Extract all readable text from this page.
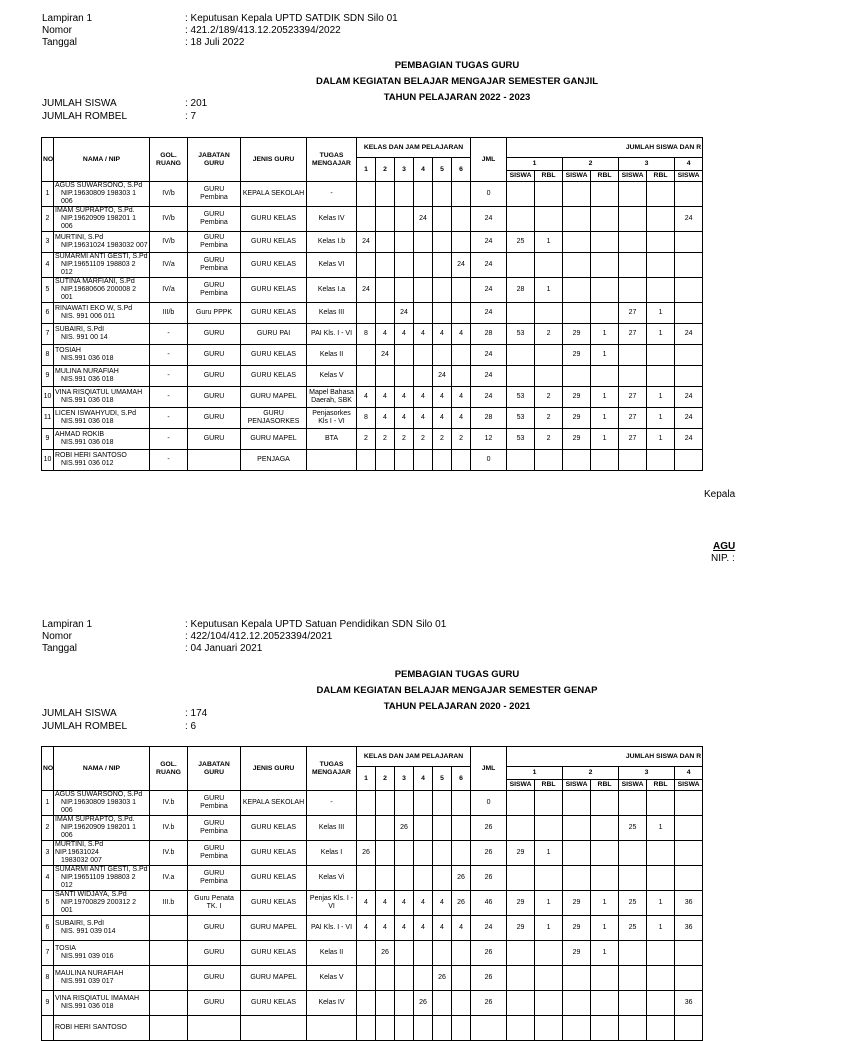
Lampiran 1	: Keputusan Kepala UPTD SATDIK SDN Silo 01
Nomor	: 421.2/189/413.12.20523394/2022
Tanggal	: 18 Juli 2022
PEMBAGIAN TUGAS GURU
DALAM KEGIATAN BELAJAR MENGAJAR SEMESTER GANJIL
TAHUN PELAJARAN 2022 - 2023
JUMLAH SISWA	: 201
JUMLAH ROMBEL	: 7
NO	NAMA / NIP	GOL. RUANG	JABATAN GURU	JENIS GURU	TUGAS MENGAJAR	KELAS DAN JAM PELAJARAN						JML	JUMLAH SISWA DAN R						
						1	2	3	4	5	6		1		2		3		4
													SISWA	RBL	SISWA	RBL	SISWA	RBL	SISWA
1	AGUS SUWARSONO, S.Pd
NIP.19630809 198303 1 006	IV/b	GURU Pembina	KEPALA SEKOLAH	-							0							
2	IMAM SUPRAPTO, S.Pd.
NIP.19620909 198201 1 006	IV/b	GURU Pembina	GURU KELAS	Kelas IV				24			24							24
3	MURTINI, S.Pd
NIP.19631024 1983032 007	IV/b	GURU Pembina	GURU KELAS	Kelas I.b	24						24	25	1					
4	SUMARMI ANTI GESTI, S.Pd
NIP.19651109 198803 2 012	IV/a	GURU Pembina	GURU KELAS	Kelas VI						24	24							
5	SUTINA MARFIANI, S.Pd
NIP.19680606 200008 2 001	IV/a	GURU Pembina	GURU KELAS	Kelas I.a	24						24	28	1					
6	RINAWATI EKO W, S.Pd
NIS. 991 006 011	III/b	Guru PPPK	GURU KELAS	Kelas III			24				24					27	1	
7	SUBAIRI, S.PdI
NIS. 991 00 14	-	GURU	GURU PAI	PAI Kls. I - VI	8	4	4	4	4	4	28	53	2	29	1	27	1	24
8	TOSIAH
NIS.991 036 018	-	GURU	GURU KELAS	Kelas II		24					24			29	1			
9	MULINA NURAFIAH
NIS.991 036 018	-	GURU	GURU KELAS	Kelas V					24		24							
10	VINA RISQIATUL UMAMAH
NIS.991 036 018	-	GURU	GURU MAPEL	Mapel Bahasa Daerah, SBK	4	4	4	4	4	4	24	53	2	29	1	27	1	24
11	LICEN ISWAHYUDI, S.Pd
NIS.991 036 018	-	GURU	GURU PENJASORKES	Penjasorkes Kls I - VI	8	4	4	4	4	4	28	53	2	29	1	27	1	24
9	AHMAD ROKIB
NIS.991 036 018	-	GURU	GURU MAPEL	BTA	2	2	2	2	2	2	12	53	2	29	1	27	1	24
10	ROBI HERI SANTOSO
NIS.991 036 012	-		PENJAGA								0							
Kepala
AGU
NIP. :
Lampiran 1	: Keputusan Kepala UPTD Satuan Pendidikan SDN Silo 01
Nomor	: 422/104/412.12.20523394/2021
Tanggal	: 04 Januari 2021
PEMBAGIAN TUGAS GURU
DALAM KEGIATAN BELAJAR MENGAJAR SEMESTER GENAP
TAHUN PELAJARAN 2020 - 2021
JUMLAH SISWA	: 174
JUMLAH ROMBEL	: 6
NO	NAMA / NIP	GOL. RUANG	JABATAN GURU	JENIS GURU	TUGAS MENGAJAR	KELAS DAN JAM PELAJARAN						JML	JUMLAH SISWA DAN R						
						1	2	3	4	5	6		1		2		3		4
													SISWA	RBL	SISWA	RBL	SISWA	RBL	SISWA
1	AGUS SUWARSONO, S.Pd
NIP.19630809 198303 1 006	IV.b	GURU Pembina	KEPALA SEKOLAH	-							0							
2	IMAM SUPRAPTO, S.Pd.
NIP.19620909 198201 1 006	IV.b	GURU Pembina	GURU KELAS	Kelas III			26				26					25	1	
3	MURTINI, S.Pd NIP.19631024
1983032 007	IV.b	GURU Pembina	GURU KELAS	Kelas I	26						26	29	1					
4	SUMARMI ANTI GESTI, S.Pd
NIP.19651109 198803 2 012	IV.a	GURU Pembina	GURU KELAS	Kelas Vi						26	26							
5	SANTI WIDJAYA, S.Pd
NIP.19700829 200312 2 001	III.b	Guru Penata TK. I	GURU KELAS	Penjas Kls. I - VI	4	4	4	4	4	26	46	29	1	29	1	25	1	36
6	SUBAIRI, S.PdI
NIS. 991 039 014		GURU	GURU MAPEL	PAI Kls. I - VI	4	4	4	4	4	4	24	29	1	29	1	25	1	36
7	TOSIA
NIS.991 039 016		GURU	GURU KELAS	Kelas II		26					26			29	1			
8	MAULINA NURAFIAH
NIS.991 039 017		GURU	GURU MAPEL	Kelas V					26		26							
9	VINA RISQIATUL IMAMAH
NIS.991 036 018		GURU	GURU KELAS	Kelas IV				26			26							36

	ROBI HERI SANTOSO																		
